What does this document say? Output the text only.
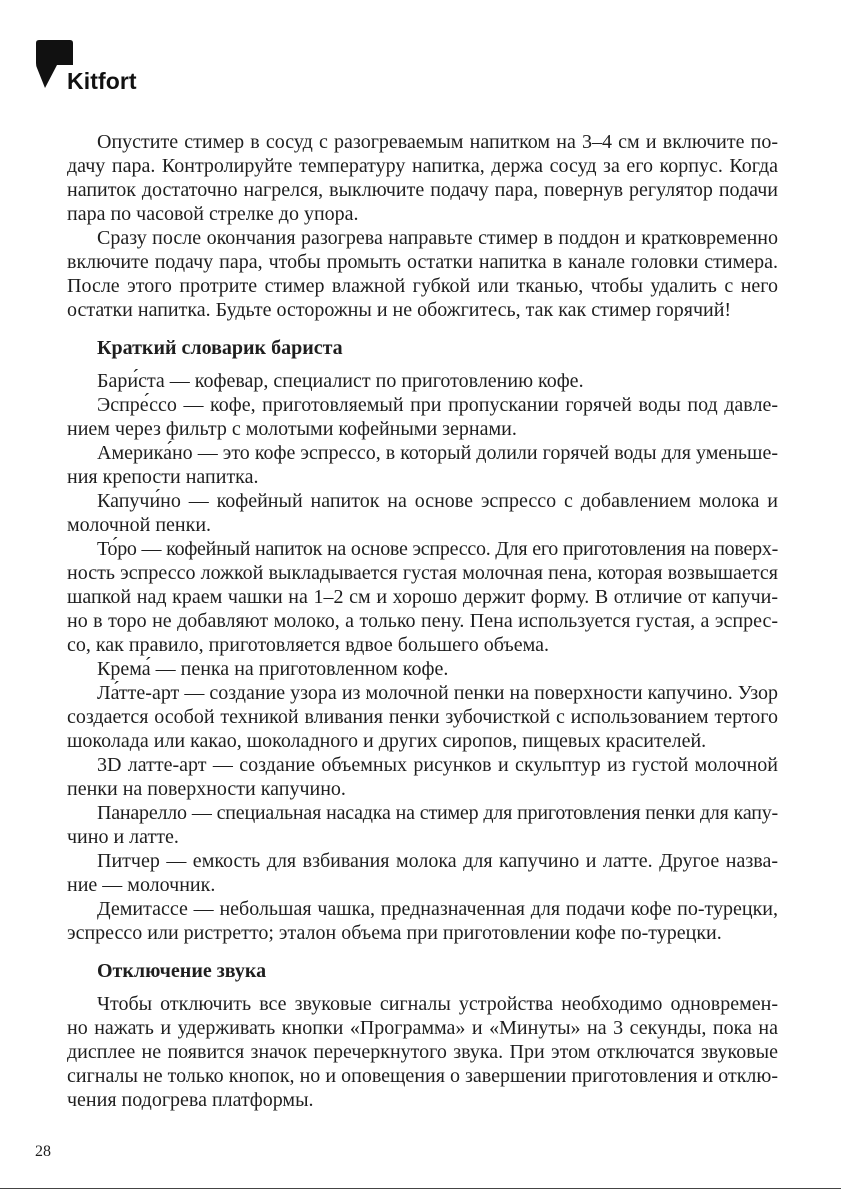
Kitfort
Опустите стимер в сосуд с разогреваемым напитком на 3–4 см и включите по-
дачу пара. Контролируйте температуру напитка, держа сосуд за его корпус. Когда
напиток достаточно нагрелся, выключите подачу пара, повернув регулятор подачи
пара по часовой стрелке до упора.
Сразу после окончания разогрева направьте стимер в поддон и кратковременно
включите подачу пара, чтобы промыть остатки напитка в канале головки стимера.
После этого протрите стимер влажной губкой или тканью, чтобы удалить с него
остатки напитка. Будьте осторожны и не обожгитесь, так как стимер горячий!
Краткий словарик бариста
Бари́ста — кофевар, специалист по приготовлению кофе.
Эспре́ссо — кофе, приготовляемый при пропускании горячей воды под давле-
нием через фильтр с молотыми кофейными зернами.
Америка́но — это кофе эспрессо, в который долили горячей воды для уменьше-
ния крепости напитка.
Капучи́но — кофейный напиток на основе эспрессо с добавлением молока и
молочной пенки.
То́ро — кофейный напиток на основе эспрессо. Для его приготовления на поверх-
ность эспрессо ложкой выкладывается густая молочная пена, которая возвышается
шапкой над краем чашки на 1–2 см и хорошо держит форму. В отличие от капучи-
но в торо не добавляют молоко, а только пену. Пена используется густая, а эспрес-
со, как правило, приготовляется вдвое большего объема.
Крема́ — пенка на приготовленном кофе.
Ла́тте-арт — создание узора из молочной пенки на поверхности капучино. Узор
создается особой техникой вливания пенки зубочисткой с использованием тертого
шоколада или какао, шоколадного и других сиропов, пищевых красителей.
3D латте-арт — создание объемных рисунков и скульптур из густой молочной
пенки на поверхности капучино.
Панарелло — специальная насадка на стимер для приготовления пенки для капу-
чино и латте.
Питчер — емкость для взбивания молока для капучино и латте. Другое назва-
ние — молочник.
Демитассе — небольшая чашка, предназначенная для подачи кофе по-турецки,
эспрессо или ристретто; эталон объема при приготовлении кофе по-турецки.
Отключение звука
Чтобы отключить все звуковые сигналы устройства необходимо одновремен-
но нажать и удерживать кнопки «Программа» и «Минуты» на 3 секунды, пока на
дисплее не появится значок перечеркнутого звука. При этом отключатся звуковые
сигналы не только кнопок, но и оповещения о завершении приготовления и отклю-
чения подогрева платформы.
28
